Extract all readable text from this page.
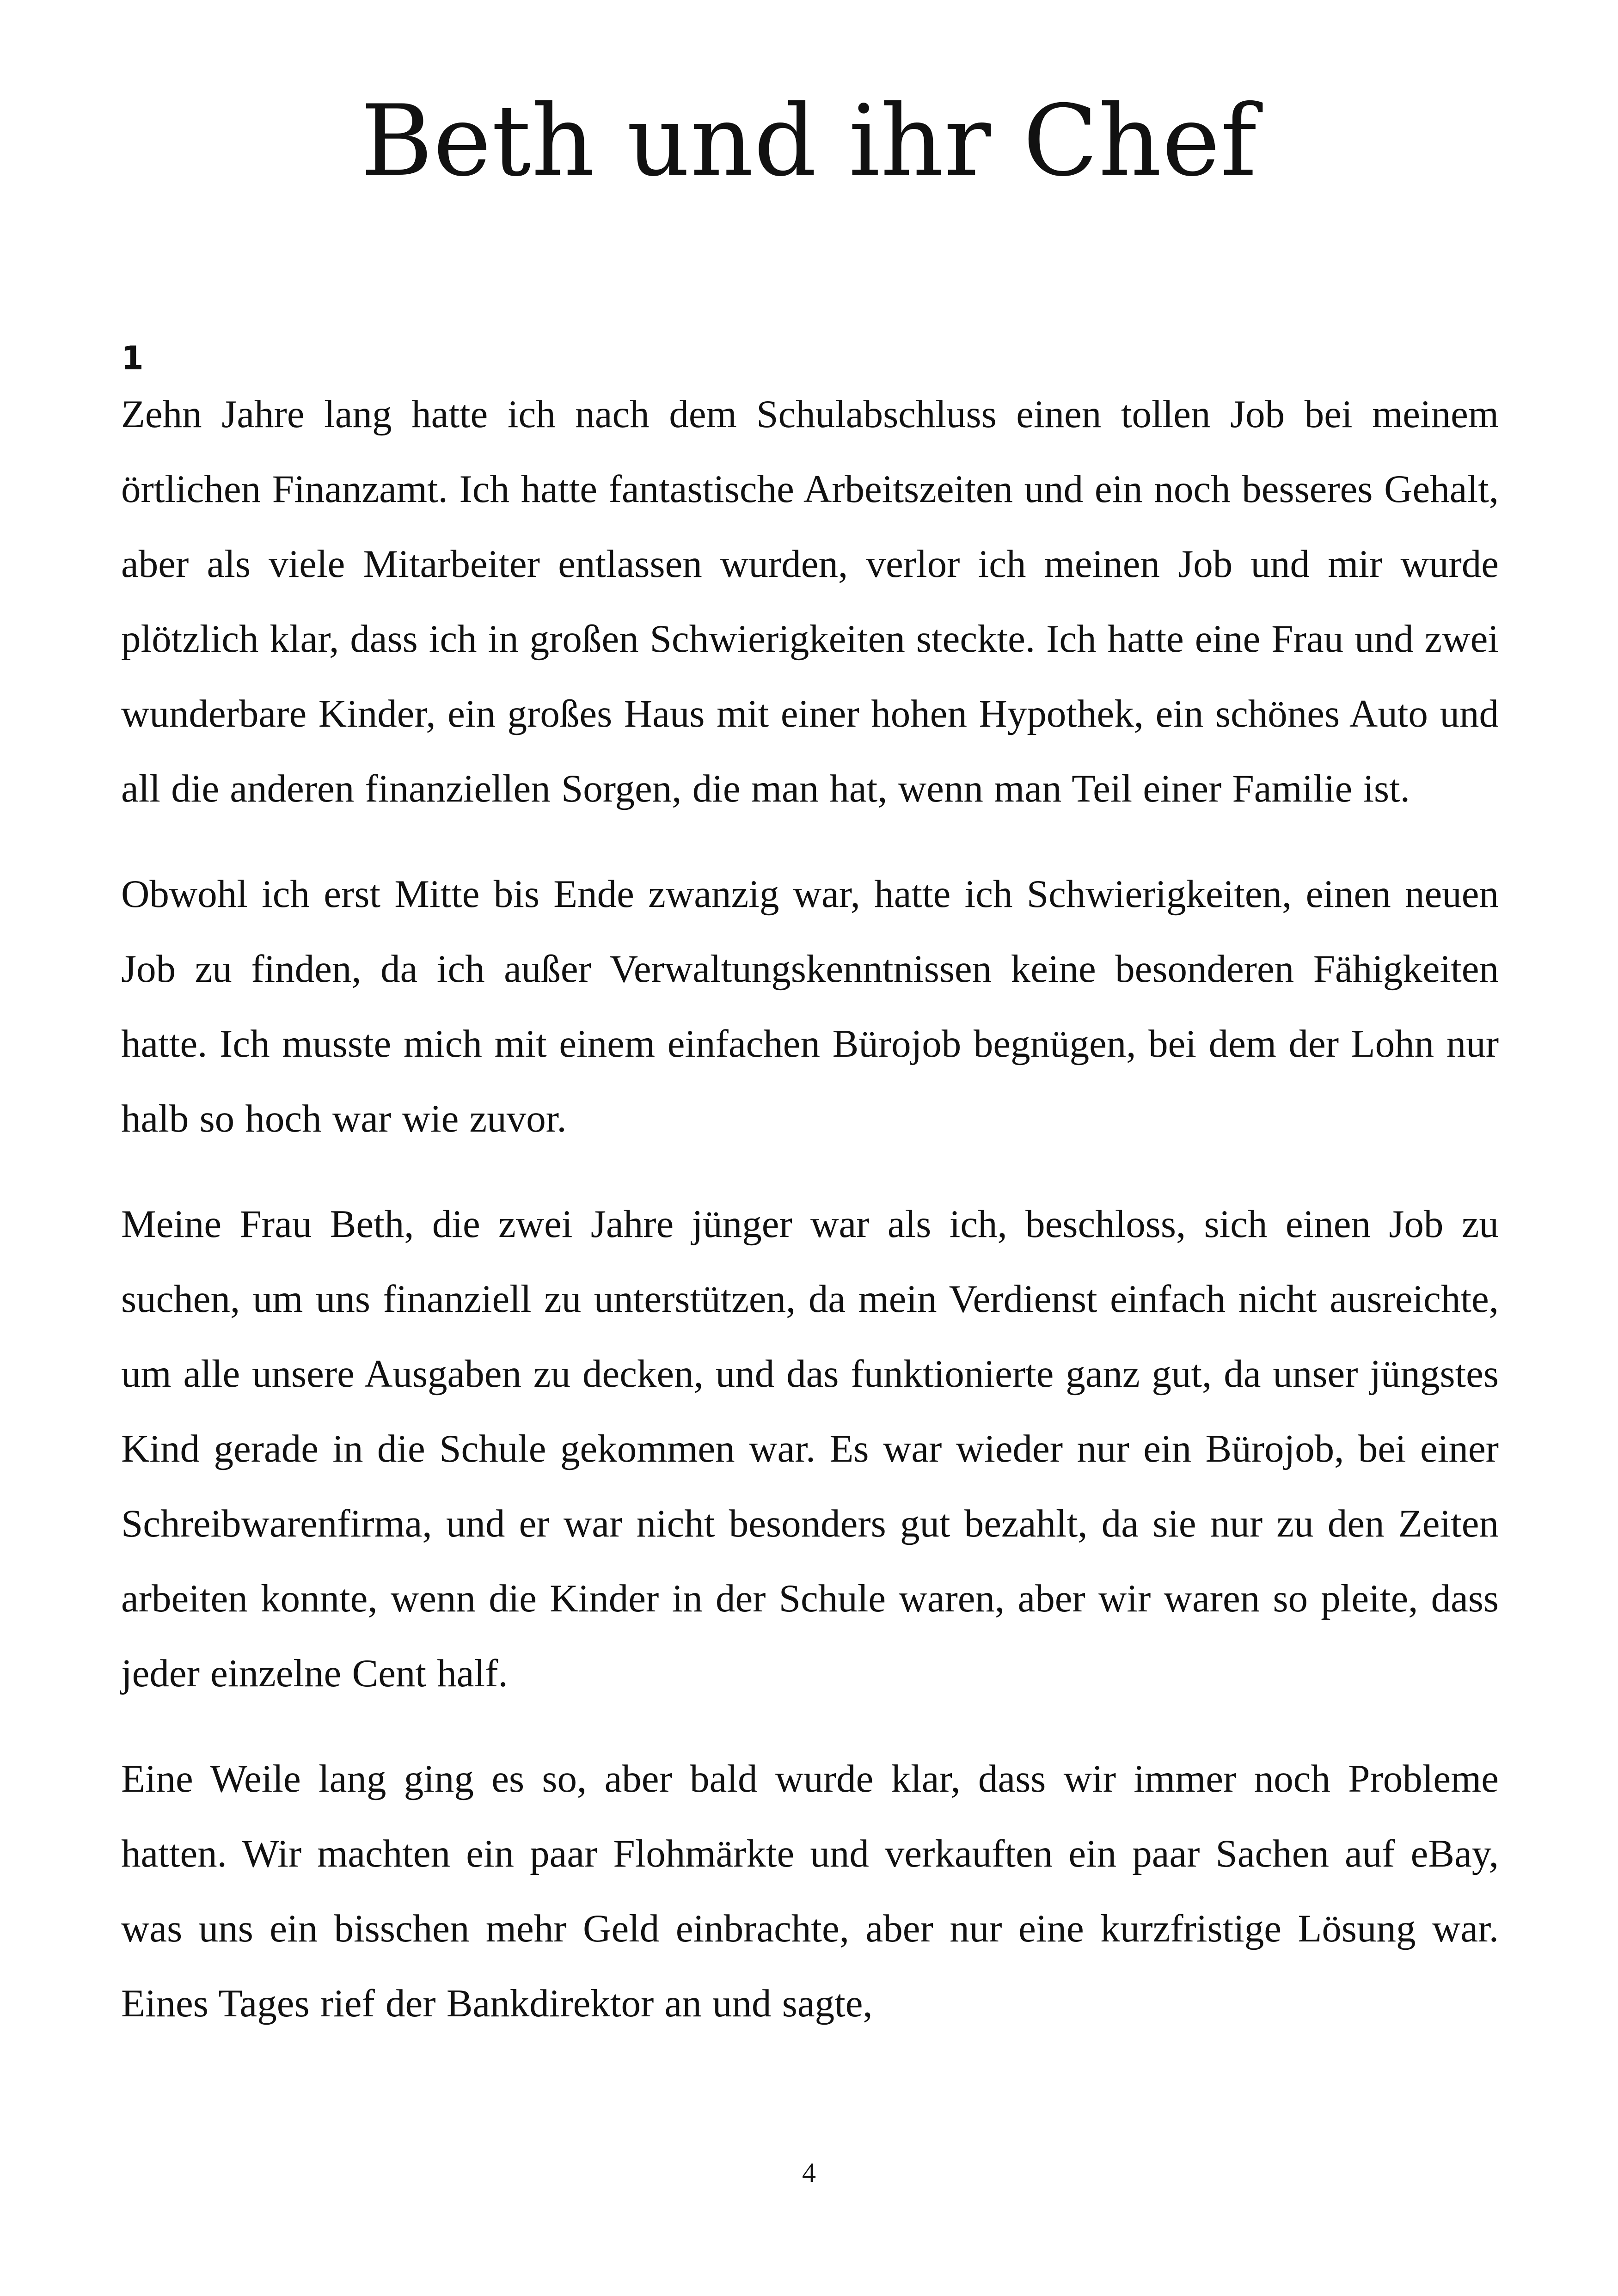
Beth und ihr Chef
1

Zehn Jahre lang hatte ich nach dem Schulabschluss einen tollen Job bei meinem örtlichen Finanzamt. Ich hatte fantastische Arbeitszeiten und ein noch besseres Gehalt, aber als viele Mitarbeiter entlassen wurden, verlor ich meinen Job und mir wurde plötzlich klar, dass ich in großen Schwierigkeiten steckte. Ich hatte eine Frau und zwei wunderbare Kinder, ein großes Haus mit einer hohen Hypothek, ein schönes Auto und all die anderen finanziellen Sorgen, die man hat, wenn man Teil einer Familie ist.

Obwohl ich erst Mitte bis Ende zwanzig war, hatte ich Schwierigkeiten, einen neuen Job zu finden, da ich außer Verwaltungskenntnissen keine besonderen Fähigkeiten hatte. Ich musste mich mit einem einfachen Bürojob begnügen, bei dem der Lohn nur halb so hoch war wie zuvor.

Meine Frau Beth, die zwei Jahre jünger war als ich, beschloss, sich einen Job zu suchen, um uns finanziell zu unterstützen, da mein Verdienst einfach nicht ausreichte, um alle unsere Ausgaben zu decken, und das funktionierte ganz gut, da unser jüngstes Kind gerade in die Schule gekommen war. Es war wieder nur ein Bürojob, bei einer Schreibwarenfirma, und er war nicht besonders gut bezahlt, da sie nur zu den Zeiten arbeiten konnte, wenn die Kinder in der Schule waren, aber wir waren so pleite, dass jeder einzelne Cent half.

Eine Weile lang ging es so, aber bald wurde klar, dass wir immer noch Probleme hatten. Wir machten ein paar Flohmärkte und verkauften ein paar Sachen auf eBay, was uns ein bisschen mehr Geld einbrachte, aber nur eine kurzfristige Lösung war. Eines Tages rief der Bankdirektor an und sagte,

4
